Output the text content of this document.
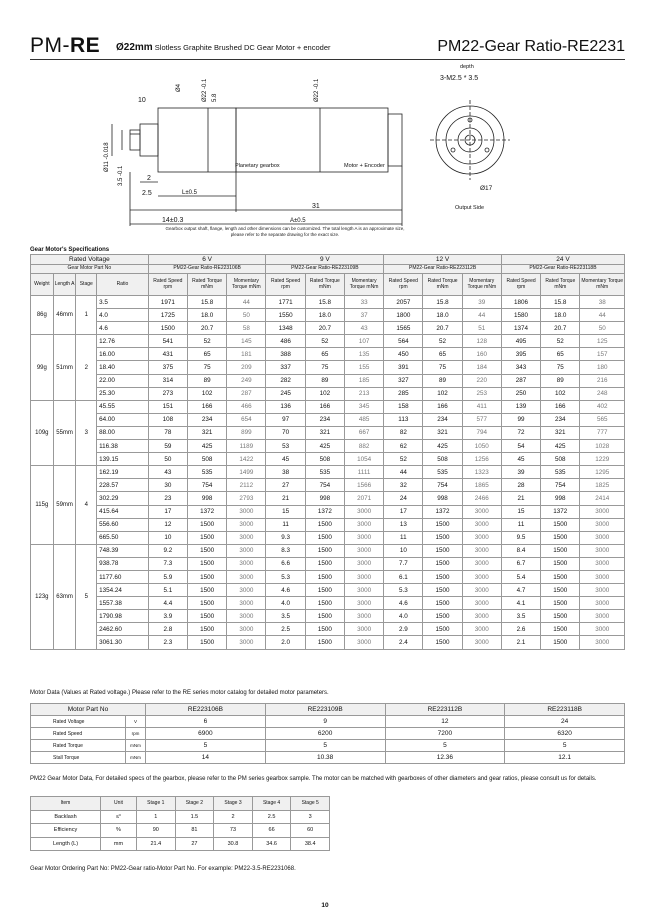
PM-RE Ø22mm Slotless Graphite Brushed DC Gear Motor + encoder	PM22-Gear Ratio-RE2231
depth
3-M2.5 * 3.5
10
Ø4
Ø11 -0.018
Ø22 -0.1	Ø22 -0.1
3.5 -0.1
5.8
2
2.5	L±0.5
31
14±0.3	A±0.5
Planetary gearbox	Motor + Encoder
Ø17
Output Side
Gearbox output shaft, flange, length and other dimensions can be customized. The total length A is an approximate size, please refer to the separate drawing for the exact size.
Gear Motor's Specifications
Rated Voltage				6 V			9 V			12 V			24 V		
Gear Motor Part No				PM22-Gear Ratio-RE223106B			PM22-Gear Ratio-RE223109B			PM22-Gear Ratio-RE223112B			PM22-Gear Ratio-RE223118B		
Weight	Length A	Stage	Ratio	Rated Speed rpm	Rated Torque mNm	Momentary Torque mNm	Rated Speed rpm	Rated Torque mNm	Momentary Torque mNm	Rated Speed rpm	Rated Torque mNm	Momentary Torque mNm	Rated Speed rpm	Rated Torque mNm	Momentary Torque mNm
86g	46mm	1	3.5	1971	15.8	44	1771	15.8	33	2057	15.8	39	1806	15.8	38
			4.0	1725	18.0	50	1550	18.0	37	1800	18.0	44	1580	18.0	44
			4.6	1500	20.7	58	1348	20.7	43	1565	20.7	51	1374	20.7	50
99g	51mm	2	12.76	541	52	145	486	52	107	564	52	128	495	52	125
			16.00	431	65	181	388	65	135	450	65	160	395	65	157
			18.40	375	75	209	337	75	155	391	75	184	343	75	180
			22.00	314	89	249	282	89	185	327	89	220	287	89	216
			25.30	273	102	287	245	102	213	285	102	253	250	102	248
109g	55mm	3	45.55	151	166	466	136	166	345	158	166	411	139	166	402
			64.00	108	234	654	97	234	485	113	234	577	99	234	565
			88.00	78	321	899	70	321	667	82	321	794	72	321	777
			116.38	59	425	1189	53	425	882	62	425	1050	54	425	1028
			139.15	50	508	1422	45	508	1054	52	508	1256	45	508	1229
115g	59mm	4	162.19	43	535	1499	38	535	1111	44	535	1323	39	535	1295
			228.57	30	754	2112	27	754	1566	32	754	1865	28	754	1825
			302.29	23	998	2793	21	998	2071	24	998	2466	21	998	2414
			415.64	17	1372	3000	15	1372	3000	17	1372	3000	15	1372	3000
			556.60	12	1500	3000	11	1500	3000	13	1500	3000	11	1500	3000
			665.50	10	1500	3000	9.3	1500	3000	11	1500	3000	9.5	1500	3000
123g	63mm	5	748.39	9.2	1500	3000	8.3	1500	3000	10	1500	3000	8.4	1500	3000
			938.78	7.3	1500	3000	6.6	1500	3000	7.7	1500	3000	6.7	1500	3000
			1177.60	5.9	1500	3000	5.3	1500	3000	6.1	1500	3000	5.4	1500	3000
			1354.24	5.1	1500	3000	4.6	1500	3000	5.3	1500	3000	4.7	1500	3000
			1557.38	4.4	1500	3000	4.0	1500	3000	4.6	1500	3000	4.1	1500	3000
			1790.98	3.9	1500	3000	3.5	1500	3000	4.0	1500	3000	3.5	1500	3000
			2462.60	2.8	1500	3000	2.5	1500	3000	2.9	1500	3000	2.6	1500	3000
			3061.30	2.3	1500	3000	2.0	1500	3000	2.4	1500	3000	2.1	1500	3000
Motor Data (Values at Rated voltage.) Please refer to the RE series motor catalog for detailed motor parameters.
Motor Part No		RE223106B	RE223109B	RE223112B	RE223118B
Rated Voltage	V	6	9	12	24
Rated Speed	rpm	6900	6200	7200	6320
Rated Torque	mNm	5	5	5	5
Stall Torque	mNm	14	10.38	12.36	12.1
PM22 Gear Motor Data, For detailed specs of the gearbox, please refer to the PM series gearbox sample. The motor can be matched with gearboxes of other diameters and gear ratios, please consult us for details.
Item	Unit	Stage 1	Stage 2	Stage 3	Stage 4	Stage 5
Backlash	≤°	1	1.5	2	2.5	3
Efficiency	%	90	81	73	66	60
Length (L)	mm	21.4	27	30.8	34.6	38.4
Gear Motor Ordering Part No: PM22-Gear ratio-Motor Part No. For example: PM22-3.5-RE2231068.
10
